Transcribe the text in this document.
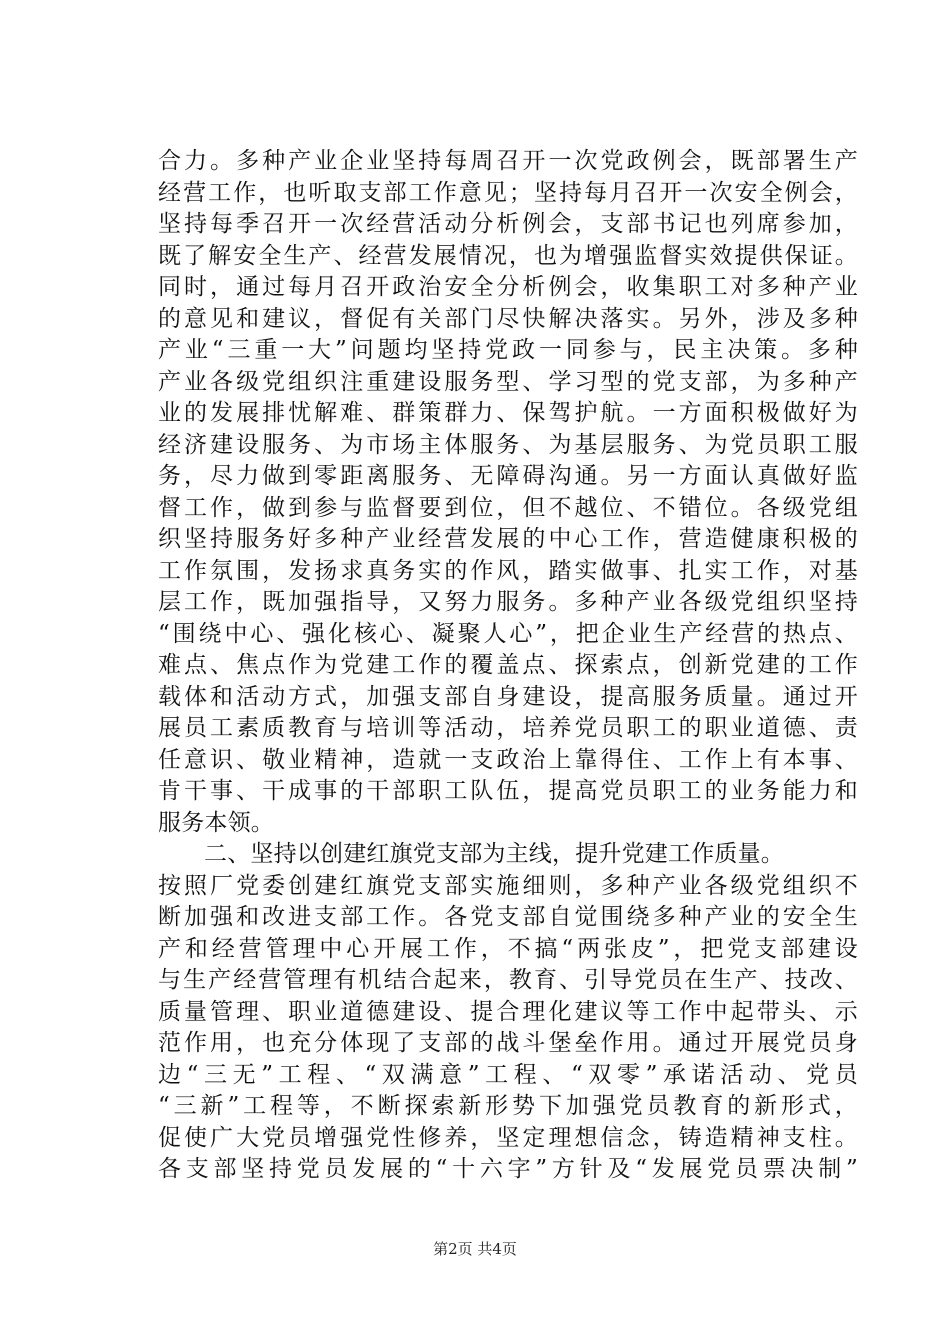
合力。多种产业企业坚持每周召开一次党政例会，既部署生产
经营工作，也听取支部工作意见；坚持每月召开一次安全例会，
坚持每季召开一次经营活动分析例会，支部书记也列席参加，
既了解安全生产、经营发展情况，也为增强监督实效提供保证。
同时，通过每月召开政治安全分析例会，收集职工对多种产业
的意见和建议，督促有关部门尽快解决落实。另外，涉及多种
产业“三重一大”问题均坚持党政一同参与，民主决策。多种
产业各级党组织注重建设服务型、学习型的党支部，为多种产
业的发展排忧解难、群策群力、保驾护航。一方面积极做好为
经济建设服务、为市场主体服务、为基层服务、为党员职工服
务，尽力做到零距离服务、无障碍沟通。另一方面认真做好监
督工作，做到参与监督要到位，但不越位、不错位。各级党组
织坚持服务好多种产业经营发展的中心工作，营造健康积极的
工作氛围，发扬求真务实的作风，踏实做事、扎实工作，对基
层工作，既加强指导，又努力服务。多种产业各级党组织坚持
“围绕中心、强化核心、凝聚人心”，把企业生产经营的热点、
难点、焦点作为党建工作的覆盖点、探索点，创新党建的工作
载体和活动方式，加强支部自身建设，提高服务质量。通过开
展员工素质教育与培训等活动，培养党员职工的职业道德、责
任意识、敬业精神，造就一支政治上靠得住、工作上有本事、
肯干事、干成事的干部职工队伍，提高党员职工的业务能力和
服务本领。
二、坚持以创建红旗党支部为主线，提升党建工作质量。
按照厂党委创建红旗党支部实施细则，多种产业各级党组织不
断加强和改进支部工作。各党支部自觉围绕多种产业的安全生
产和经营管理中心开展工作，不搞“两张皮”，把党支部建设
与生产经营管理有机结合起来，教育、引导党员在生产、技改、
质量管理、职业道德建设、提合理化建议等工作中起带头、示
范作用，也充分体现了支部的战斗堡垒作用。通过开展党员身
边“三无”工程、“双满意”工程、“双零”承诺活动、党员
“三新”工程等，不断探索新形势下加强党员教育的新形式，
促使广大党员增强党性修养，坚定理想信念，铸造精神支柱。
各支部坚持党员发展的“十六字”方针及“发展党员票决制”
第2页 共4页
